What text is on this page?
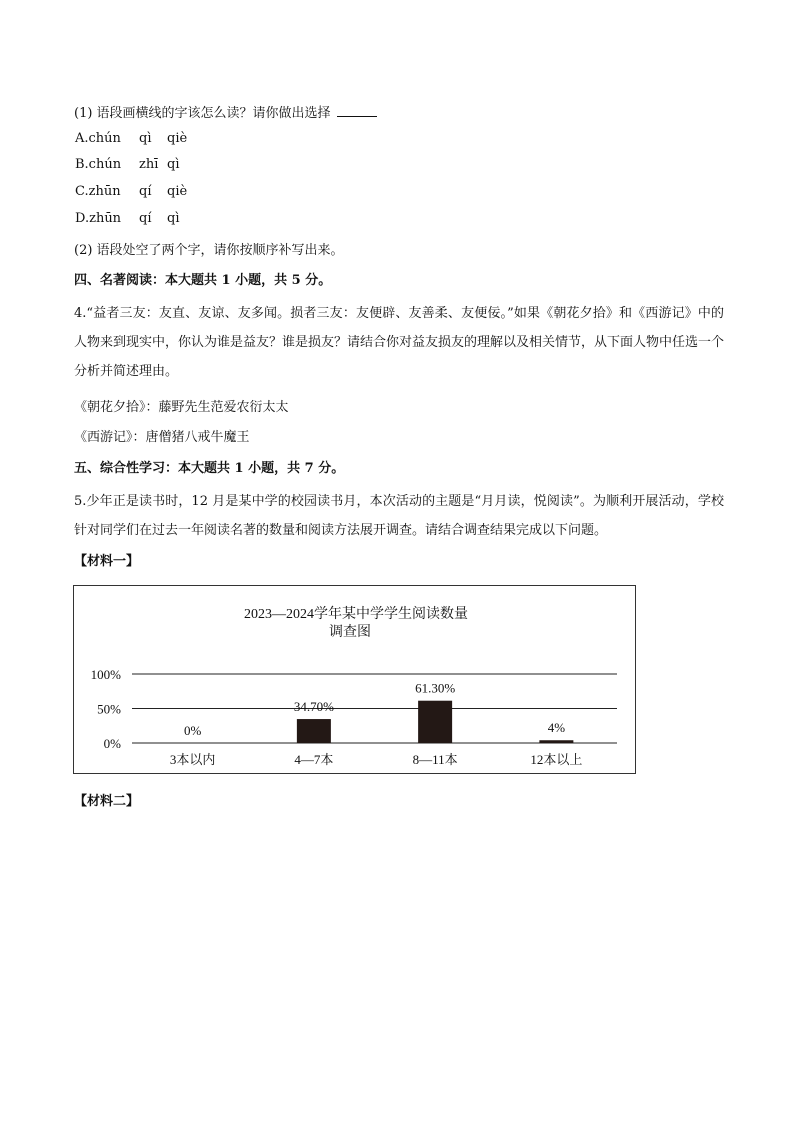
(1) 语段画横线的字该怎么读？请你做出选择
A.chún qì qiè
B.chún zhī qì
C.zhūn qí qiè
D.zhūn qí qì
(2) 语段处空了两个字，请你按顺序补写出来。
四、名著阅读：本大题共 1 小题，共 5 分。
4.“益者三友：友直、友谅、友多闻。损者三友：友便辟、友善柔、友便佞。”如果《朝花夕拾》和《西游记》中的人物来到现实中，你认为谁是益友？谁是损友？请结合你对益友损友的理解以及相关情节，从下面人物中任选一个分析并简述理由。
《朝花夕拾》：藤野先生范爱农衍太太
《西游记》：唐僧猪八戒牛魔王
五、综合性学习：本大题共 1 小题，共 7 分。
5.少年正是读书时，12 月是某中学的校园读书月，本次活动的主题是“月月读，悦阅读”。为顺利开展活动，学校针对同学们在过去一年阅读名著的数量和阅读方法展开调查。请结合调查结果完成以下问题。
【材料一】
2023—2024学年某中学学生阅读数量
调查图
0%
50%
100%
0%
3本以内
34.70%
4—7本
61.30%
8—11本
4%
12本以上
【材料二】
